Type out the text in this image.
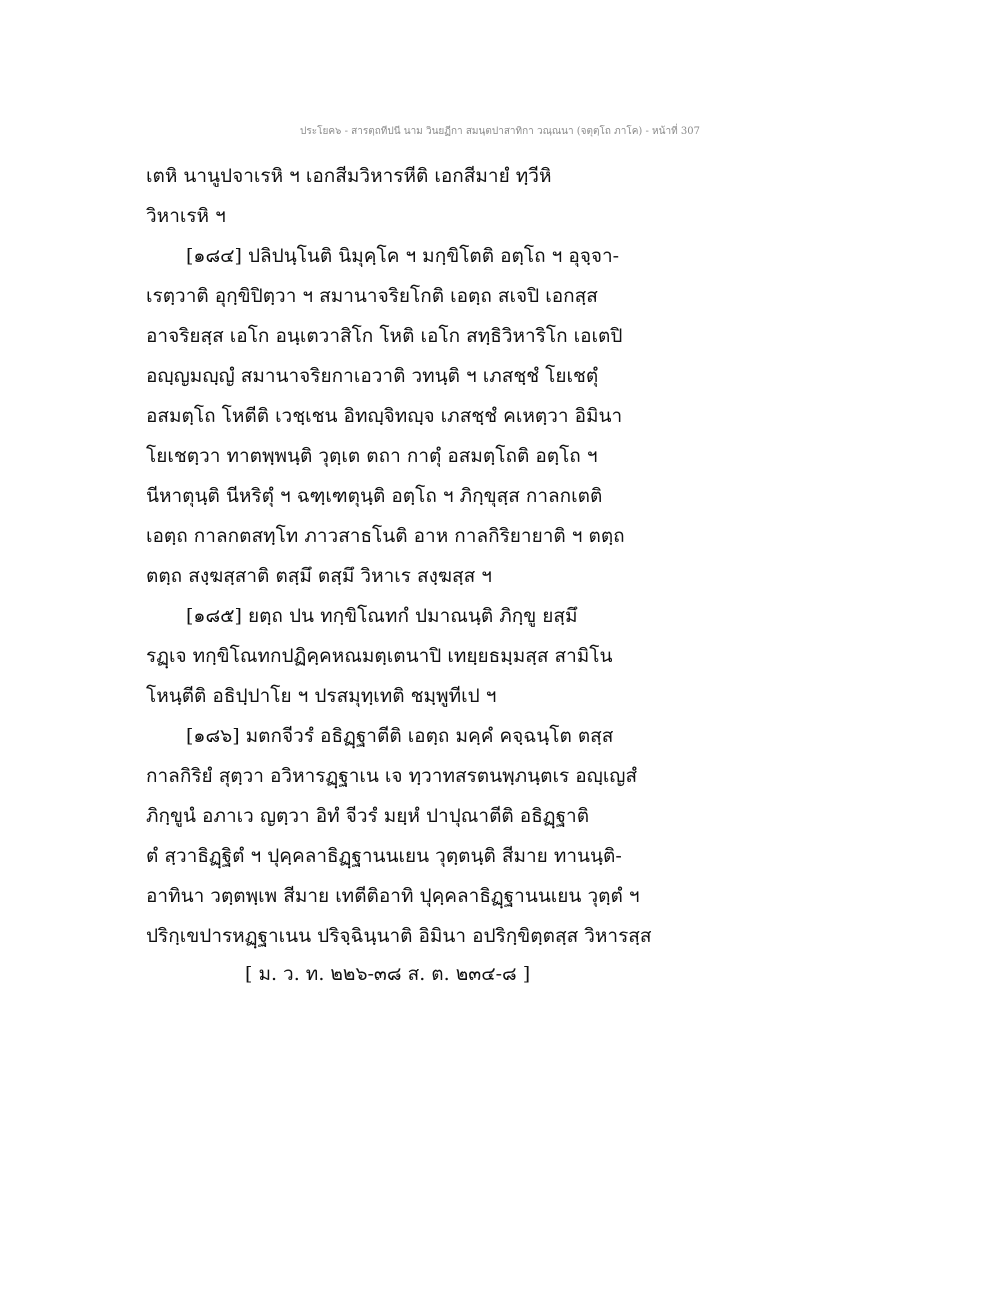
ประโยค๖ - สารตฺถทีปนี นาม วินยฏีกา สมนฺตปาสาทิกา วณฺณนา (จตุตฺโถ ภาโค) - หน้าที่ 307
เตหิ นานูปจาเรหิ ฯ เอกสีมวิหารหีติ เอกสีมายํ ทฺวีหิ
วิหาเรหิ ฯ
[๑๘๔] ปลิปนฺโนติ นิมุคฺโค ฯ มกฺขิโตติ อตฺโถ ฯ อุจฺจา-
เรตฺวาติ อุกฺขิปิตฺวา ฯ สมานาจริยโกติ เอตฺถ สเจปิ เอกสฺส
อาจริยสฺส เอโก อนฺเตวาสิโก โหติ เอโก สทฺธิวิหาริโก เอเตปิ
อญฺญมญฺญํ สมานาจริยกาเอวาติ วทนฺติ ฯ เภสชฺชํ โยเชตุํ
อสมตฺโถ โหตีติ เวชฺเชน อิทญฺจิทญฺจ เภสชฺชํ คเหตฺวา อิมินา
โยเชตฺวา ทาตพฺพนฺติ วุตฺเต ตถา กาตุํ อสมตฺโถติ อตฺโถ ฯ
นีหาตุนฺติ นีหริตุํ ฯ ฉฑฺเฑตุนฺติ อตฺโถ ฯ ภิกฺขุสฺส กาลกเตติ
เอตฺถ กาลกตสทฺโท ภาวสาธโนติ อาห กาลกิริยายาติ ฯ ตตฺถ
ตตฺถ สงฺฆสฺสาติ ตสฺมึ ตสฺมึ วิหาเร สงฺฆสฺส ฯ
[๑๘๕] ยตฺถ ปน ทกฺขิโณทกํ ปมาณนฺติ ภิกฺขู ยสฺมึ
รฏฺเจ ทกฺขิโณทกปฏิคฺคหณมตฺเตนาปิ เทยฺยธมฺมสฺส สามิโน
โหนฺตีติ อธิปฺปาโย ฯ ปรสมุทฺเทติ ชมฺพูทีเป ฯ
[๑๘๖] มตกจีวรํ อธิฏฺฐาตีติ เอตฺถ มคฺคํ คจฺฉนฺโต ตสฺส
กาลกิริยํ สุตฺวา อวิหารฏฺฐาเน เจ ทฺวาทสรตนพฺภนฺตเร อญฺเญสํ
ภิกฺขูนํ อภาเว ญตฺวา อิทํ จีวรํ มยฺหํ ปาปุณาตีติ อธิฏฺฐาติ
ตํ สฺวาธิฏฺฐิตํ ฯ ปุคฺคลาธิฏฺฐานนเยน วุตฺตนฺติ สีมาย ทานนฺติ-
อาทินา วตฺตพฺเพ สีมาย เทตีติอาทิ ปุคฺคลาธิฏฺฐานนเยน วุตฺตํ ฯ
ปริกฺเขปารหฏฺฐาเนน ปริจฺฉินฺนาติ อิมินา อปริกฺขิตฺตสฺส วิหารสฺส
[ ม. ว. ท. ๒๒๖-๓๘ ส. ต. ๒๓๔-๘ ]
